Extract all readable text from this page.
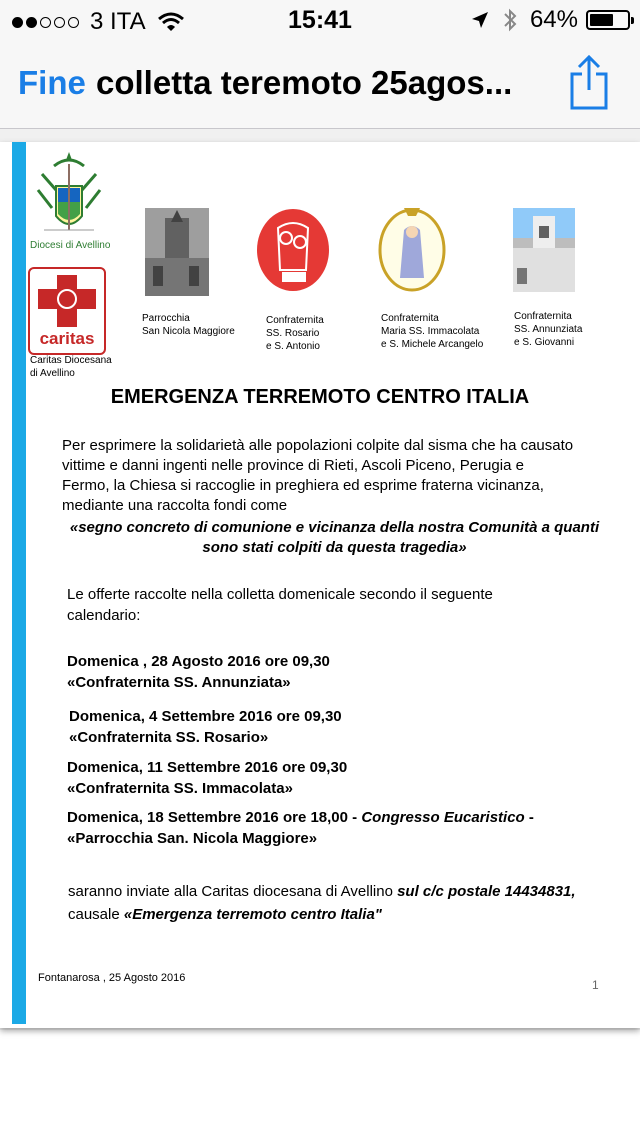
3 ITA	15:41	64%
Fine colletta teremoto 25agos...
Diocesi di Avellino
caritas
Caritas Diocesana
di Avellino
Parrocchia
San Nicola Maggiore
Confraternita
SS. Rosario
e S. Antonio
Confraternita
Maria SS. Immacolata
e S. Michele Arcangelo
Confraternita
SS. Annunziata
e S. Giovanni
EMERGENZA TERREMOTO CENTRO ITALIA
Per esprimere la solidarietà alle popolazioni colpite dal sisma che ha causato
vittime e danni ingenti nelle province di Rieti, Ascoli Piceno, Perugia e
Fermo, la Chiesa si raccoglie in preghiera ed esprime fraterna vicinanza,
mediante una raccolta fondi come
«segno concreto di comunione e vicinanza della nostra Comunità a quanti
sono stati colpiti da questa tragedia»
Le offerte raccolte nella colletta domenicale secondo il seguente
calendario:
Domenica , 28 Agosto 2016 ore 09,30
«Confraternita SS. Annunziata»
Domenica, 4 Settembre 2016 ore 09,30
«Confraternita SS. Rosario»
Domenica, 11 Settembre 2016 ore 09,30
«Confraternita SS. Immacolata»
Domenica, 18 Settembre 2016 ore 18,00 - Congresso Eucaristico -
«Parrocchia San. Nicola Maggiore»
saranno inviate alla Caritas diocesana di Avellino sul c/c postale 14434831,
causale «Emergenza terremoto centro Italia"
Fontanarosa , 25 Agosto 2016	1
